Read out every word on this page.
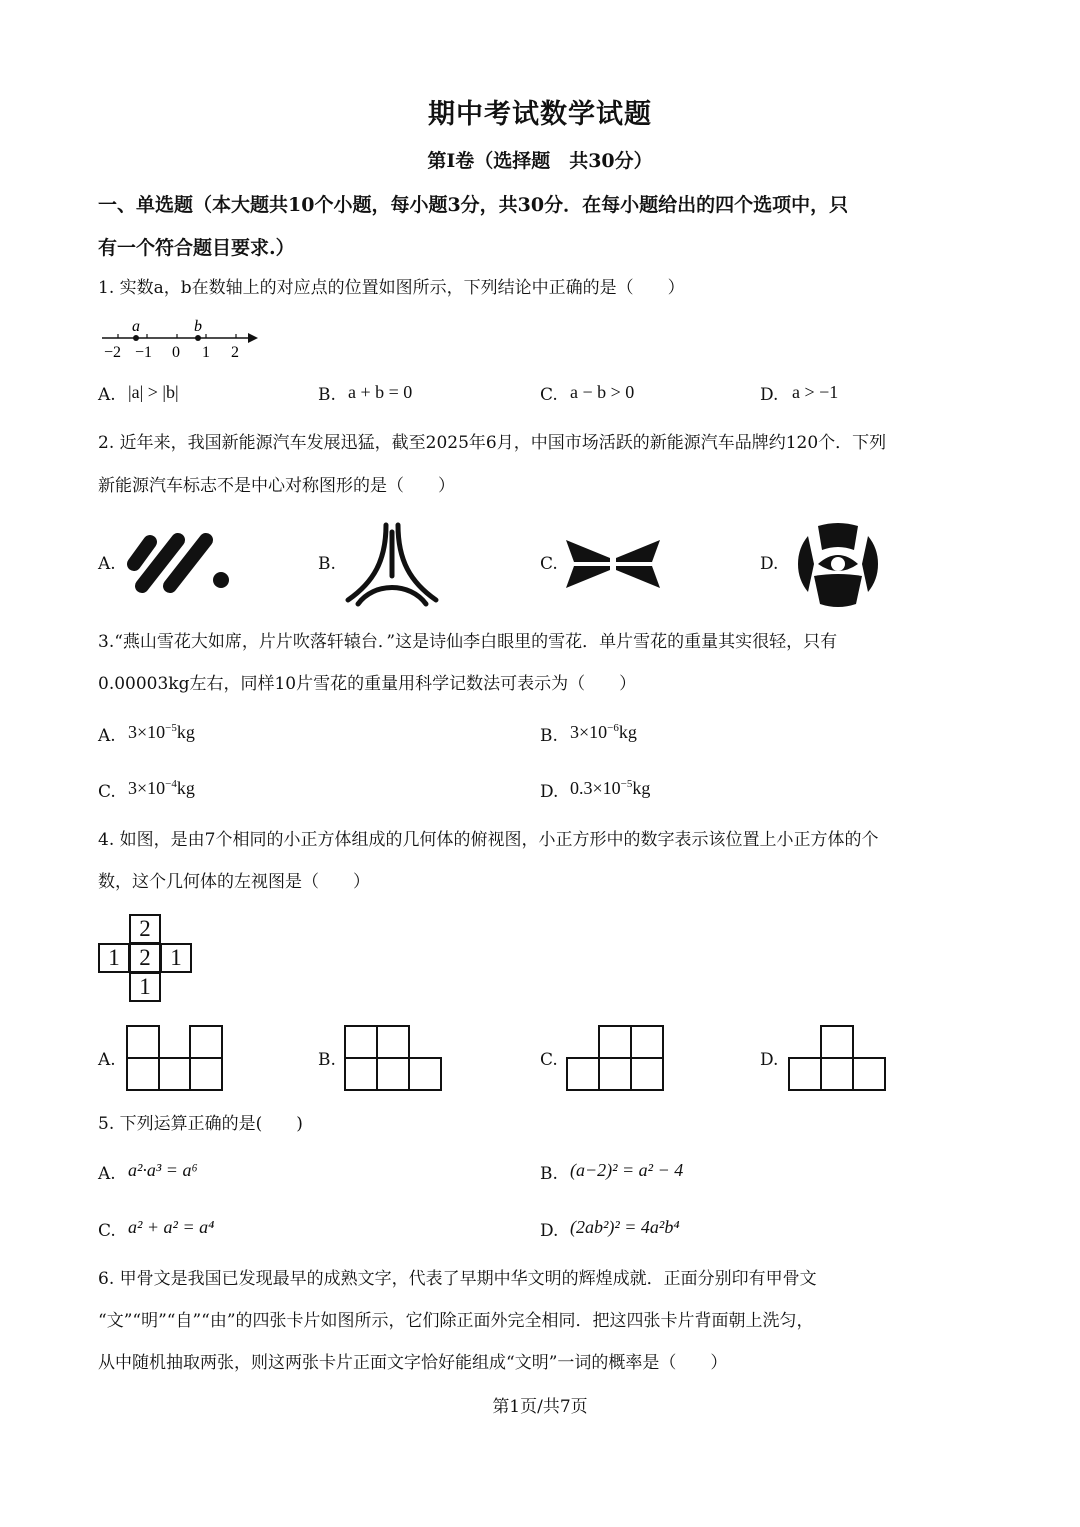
期中考试数学试题
第Ⅰ卷（选择题　共30分）
一、单选题（本大题共10个小题，每小题3分，共30分．在每小题给出的四个选项中，只
有一个符合题目要求.）
1. 实数a，b在数轴上的对应点的位置如图所示，下列结论中正确的是（　　）
a	b
−2 −1 0 1 2
A. |a| > |b|	B. a + b = 0	C. a − b > 0	D. a > −1
2. 近年来，我国新能源汽车发展迅猛，截至2025年6月，中国市场活跃的新能源汽车品牌约120个．下列
新能源汽车标志不是中心对称图形的是（　　）
A.	B.	C.	D.
3.“燕山雪花大如席，片片吹落轩辕台．”这是诗仙李白眼里的雪花．单片雪花的重量其实很轻，只有
0.00003kg左右，同样10片雪花的重量用科学记数法可表示为（　　）
A. $3\times 10^{-5}kg$	B. $3\times 10^{-6}kg$
C. $3\times 10^{-4}kg$	D. $0.3\times 10^{-5}kg$
4. 如图，是由7个相同的小正方体组成的几何体的俯视图，小正方形中的数字表示该位置上小正方体的个
数，这个几何体的左视图是（　　）
2
1 2 1
1
A.	B.	C.	D.
5. 下列运算正确的是(　　)
A. a²·a³ = a⁶	B. (a−2)² = a² − 4
C. a² + a² = a⁴	D. (2ab²)² = 4a²b⁴
6. 甲骨文是我国已发现最早的成熟文字，代表了早期中华文明的辉煌成就．正面分别印有甲骨文
“文”“明”“自”“由”的四张卡片如图所示，它们除正面外完全相同．把这四张卡片背面朝上洗匀，
从中随机抽取两张，则这两张卡片正面文字恰好能组成“文明”一词的概率是（　　）
第1页/共7页
